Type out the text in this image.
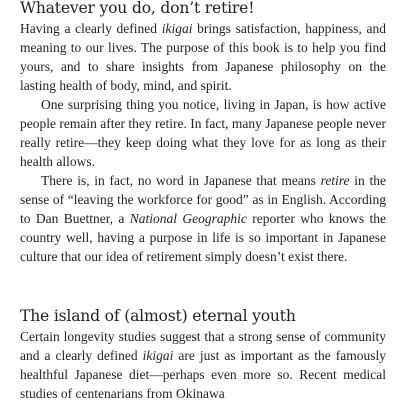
Whatever you do, don’t retire!

Having a clearly defined ikigai brings satisfaction, happiness, and meaning to our lives. The purpose of this book is to help you find yours, and to share insights from Japanese philosophy on the lasting health of body, mind, and spirit.

One surprising thing you notice, living in Japan, is how active people remain after they retire. In fact, many Japanese people never really retire—they keep doing what they love for as long as their health allows.

There is, in fact, no word in Japanese that means retire in the sense of “leaving the workforce for good” as in English. According to Dan Buettner, a National Geographic reporter who knows the country well, having a purpose in life is so important in Japanese culture that our idea of retirement simply doesn’t exist there.

The island of (almost) eternal youth

Certain longevity studies suggest that a strong sense of community and a clearly defined ikigai are just as important as the famously healthful Japanese diet—perhaps even more so. Recent medical studies of centenarians from Okinawa
